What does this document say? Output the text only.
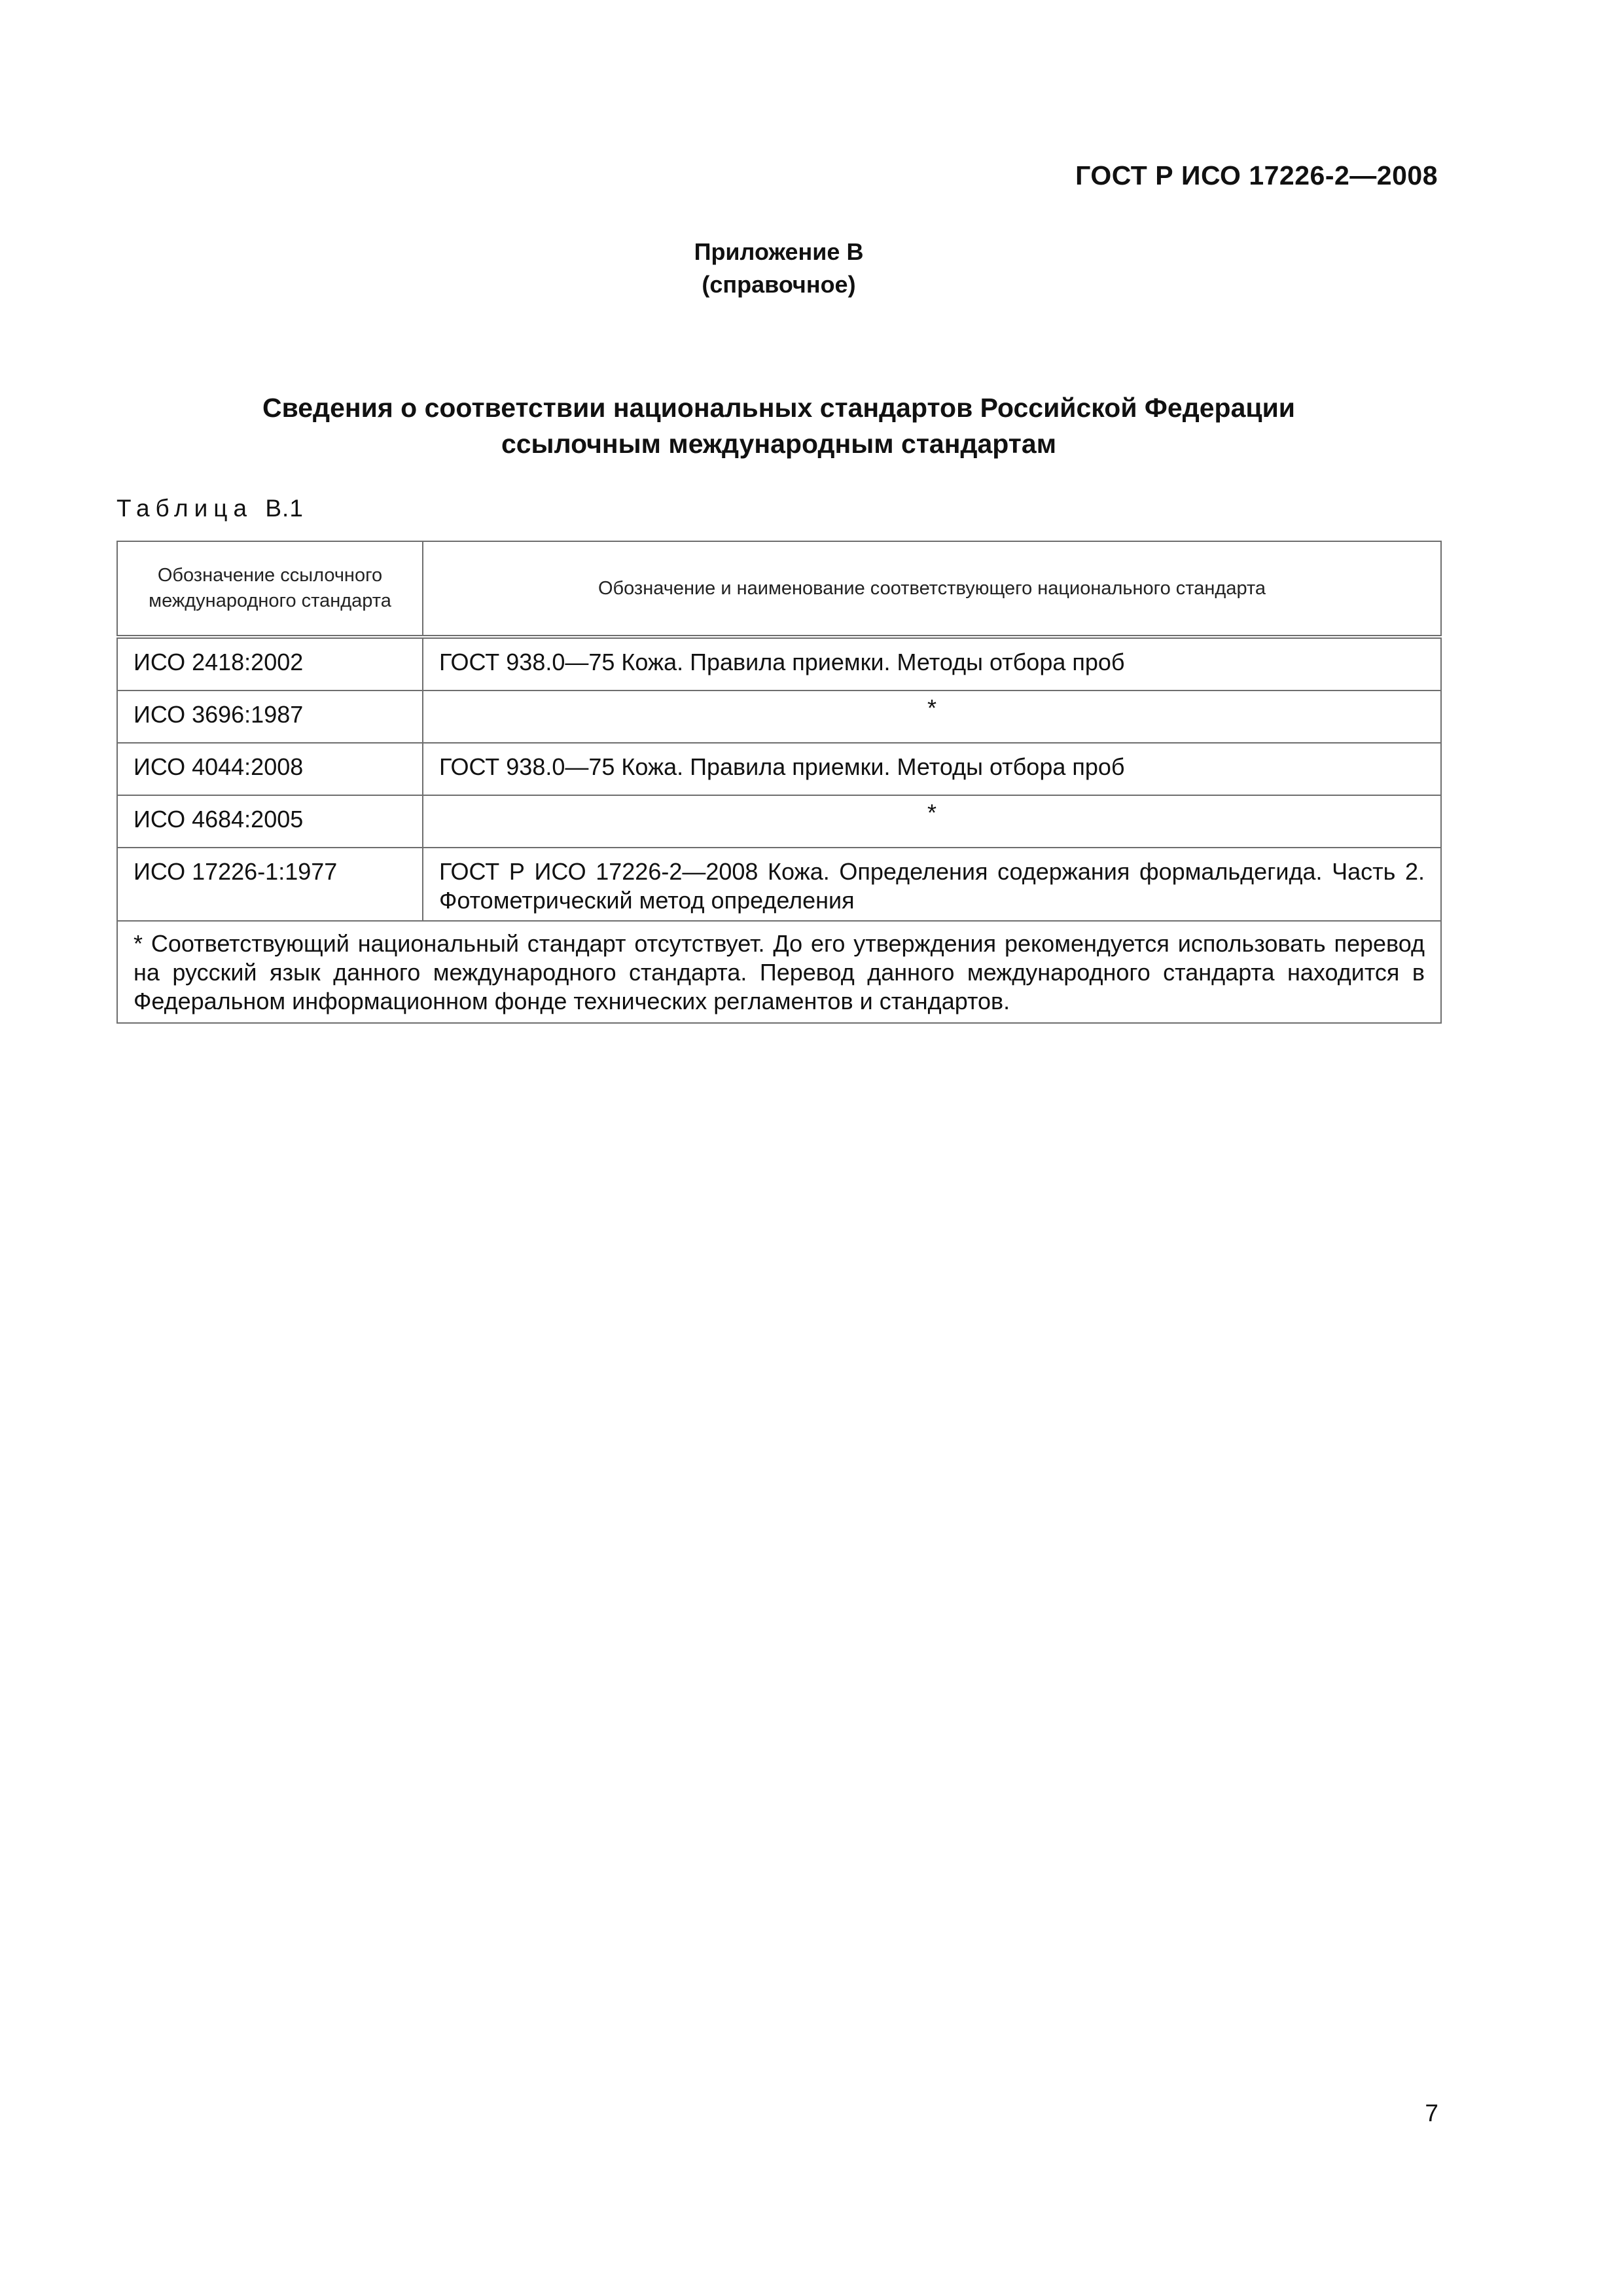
ГОСТ Р ИСО 17226-2—2008
Приложение В
(справочное)
Сведения о соответствии национальных стандартов Российской Федерации
ссылочным международным стандартам
Таблица В.1
Обозначение ссылочного международного стандарта	Обозначение и наименование соответствующего национального стандарта
ИСО 2418:2002	ГОСТ 938.0—75 Кожа. Правила приемки. Методы отбора проб
ИСО 3696:1987	*
ИСО 4044:2008	ГОСТ 938.0—75 Кожа. Правила приемки. Методы отбора проб
ИСО 4684:2005	*
ИСО 17226-1:1977	ГОСТ Р ИСО 17226-2—2008 Кожа. Определения содержания формальдегида. Часть 2. Фотометрический метод определения
* Соответствующий национальный стандарт отсутствует. До его утверждения рекомендуется использовать перевод на русский язык данного международного стандарта. Перевод данного международного стандарта находится в Федеральном информационном фонде технических регламентов и стандартов.	
7
